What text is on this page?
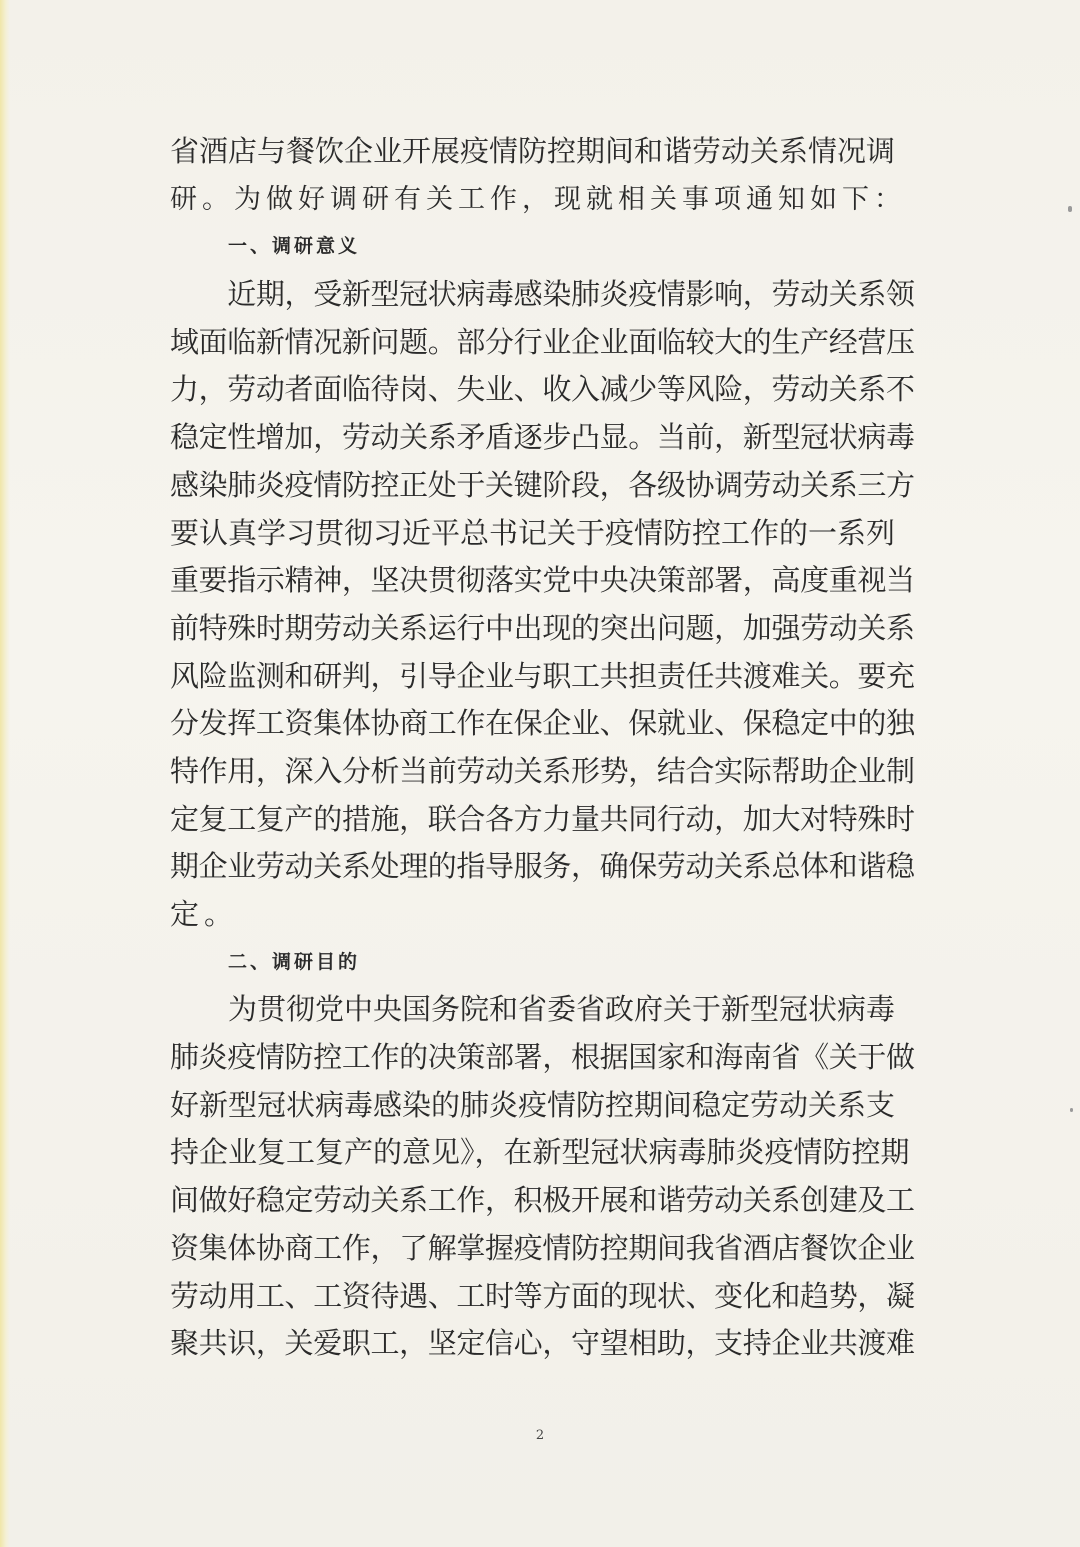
省酒店与餐饮企业开展疫情防控期间和谐劳动关系情况调
研。为做好调研有关工作，现就相关事项通知如下：
一、调研意义
　　近期，受新型冠状病毒感染肺炎疫情影响，劳动关系领
域面临新情况新问题。部分行业企业面临较大的生产经营压
力，劳动者面临待岗、失业、收入减少等风险，劳动关系不
稳定性增加，劳动关系矛盾逐步凸显。当前，新型冠状病毒
感染肺炎疫情防控正处于关键阶段，各级协调劳动关系三方
要认真学习贯彻习近平总书记关于疫情防控工作的一系列
重要指示精神，坚决贯彻落实党中央决策部署，高度重视当
前特殊时期劳动关系运行中出现的突出问题，加强劳动关系
风险监测和研判，引导企业与职工共担责任共渡难关。要充
分发挥工资集体协商工作在保企业、保就业、保稳定中的独
特作用，深入分析当前劳动关系形势，结合实际帮助企业制
定复工复产的措施，联合各方力量共同行动，加大对特殊时
期企业劳动关系处理的指导服务，确保劳动关系总体和谐稳
定。
二、调研目的
　　为贯彻党中央国务院和省委省政府关于新型冠状病毒
肺炎疫情防控工作的决策部署，根据国家和海南省《关于做
好新型冠状病毒感染的肺炎疫情防控期间稳定劳动关系支
持企业复工复产的意见》，在新型冠状病毒肺炎疫情防控期
间做好稳定劳动关系工作，积极开展和谐劳动关系创建及工
资集体协商工作，了解掌握疫情防控期间我省酒店餐饮企业
劳动用工、工资待遇、工时等方面的现状、变化和趋势，凝
聚共识，关爱职工，坚定信心，守望相助，支持企业共渡难
2
